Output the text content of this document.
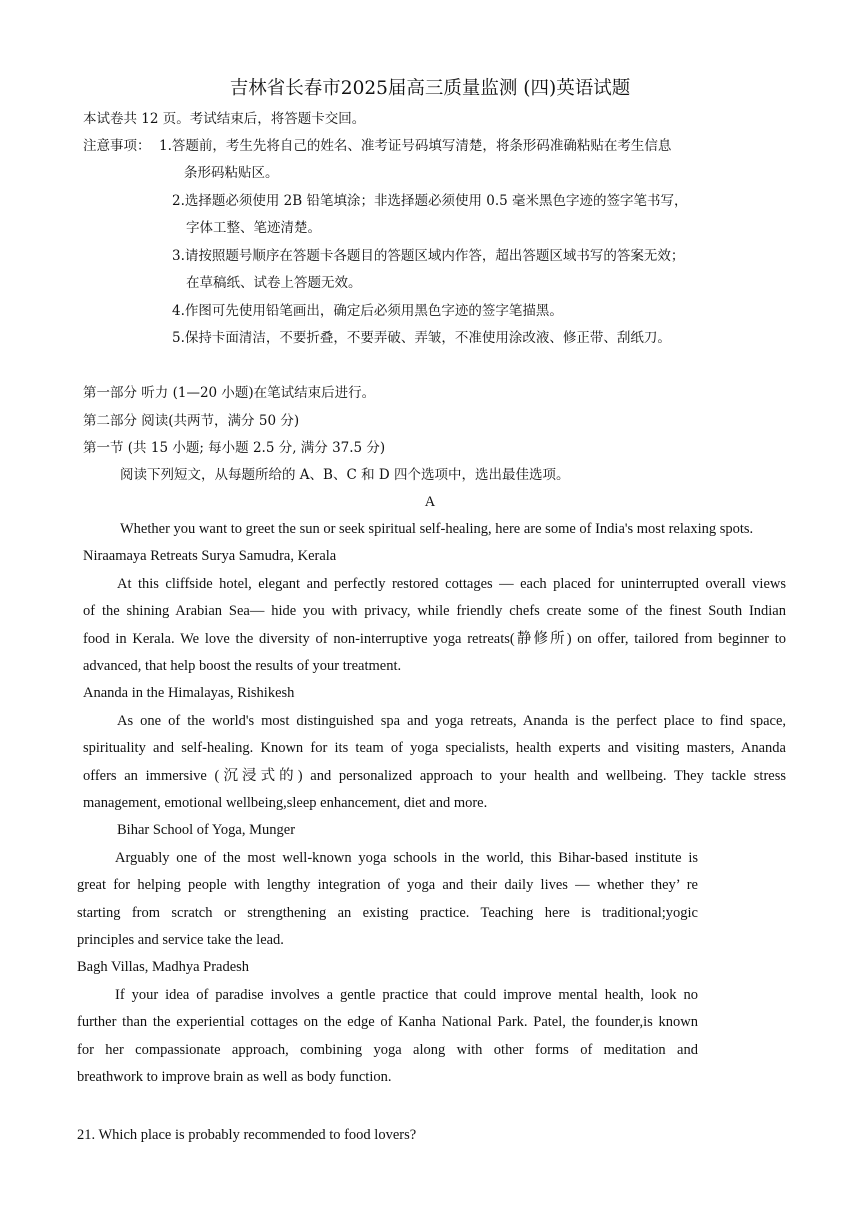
吉林省长春市2025届高三质量监测 (四)英语试题
本试卷共 12 页。考试结束后，将答题卡交回。
注意事项： 1.答题前，考生先将自己的姓名、准考证号码填写清楚，将条形码准确粘贴在考生信息
条形码粘贴区。
2.选择题必须使用 2B 铅笔填涂；非选择题必须使用 0.5 毫米黑色字迹的签字笔书写，
字体工整、笔迹清楚。
3.请按照题号顺序在答题卡各题目的答题区域内作答，超出答题区域书写的答案无效；
在草稿纸、试卷上答题无效。
4.作图可先使用铅笔画出，确定后必须用黑色字迹的签字笔描黑。
5.保持卡面清洁，不要折叠，不要弄破、弄皱，不准使用涂改液、修正带、刮纸刀。
第一部分 听力 (1—20 小题)在笔试结束后进行。
第二部分 阅读(共两节，满分 50 分)
第一节 (共 15 小题; 每小题 2.5 分, 满分 37.5 分)
阅读下列短文，从每题所给的 A、B、C 和 D 四个选项中，选出最佳选项。
A
Whether you want to greet the sun or seek spiritual self-healing, here are some of India's most relaxing spots.
Niraamaya Retreats Surya Samudra, Kerala
At this cliffside hotel, elegant and perfectly restored cottages — each placed for uninterrupted overall views
of the shining Arabian Sea— hide you with privacy, while friendly chefs create some of the finest South Indian
food in Kerala. We love the diversity of non-interruptive yoga retreats(静修所) on offer, tailored from beginner to
advanced, that help boost the results of your treatment.
Ananda in the Himalayas, Rishikesh
As one of the world's most distinguished spa and yoga retreats, Ananda is the perfect place to find space,
spirituality and self-healing. Known for its team of yoga specialists, health experts and visiting masters, Ananda
offers an immersive (沉浸式的) and personalized approach to your health and wellbeing. They tackle stress
management, emotional wellbeing,sleep enhancement, diet and more.
Bihar School of Yoga, Munger
Arguably one of the most well-known yoga schools in the world, this Bihar-based institute is
great for helping people with lengthy integration of yoga and their daily lives — whether they’ re
starting from scratch or strengthening an existing practice. Teaching here is traditional;yogic
principles and service take the lead.
Bagh Villas, Madhya Pradesh
If your idea of paradise involves a gentle practice that could improve mental health, look no
further than the experiential cottages on the edge of Kanha National Park. Patel, the founder,is known
for her compassionate approach, combining yoga along with other forms of meditation and
breathwork to improve brain as well as body function.
21. Which place is probably recommended to food lovers?
